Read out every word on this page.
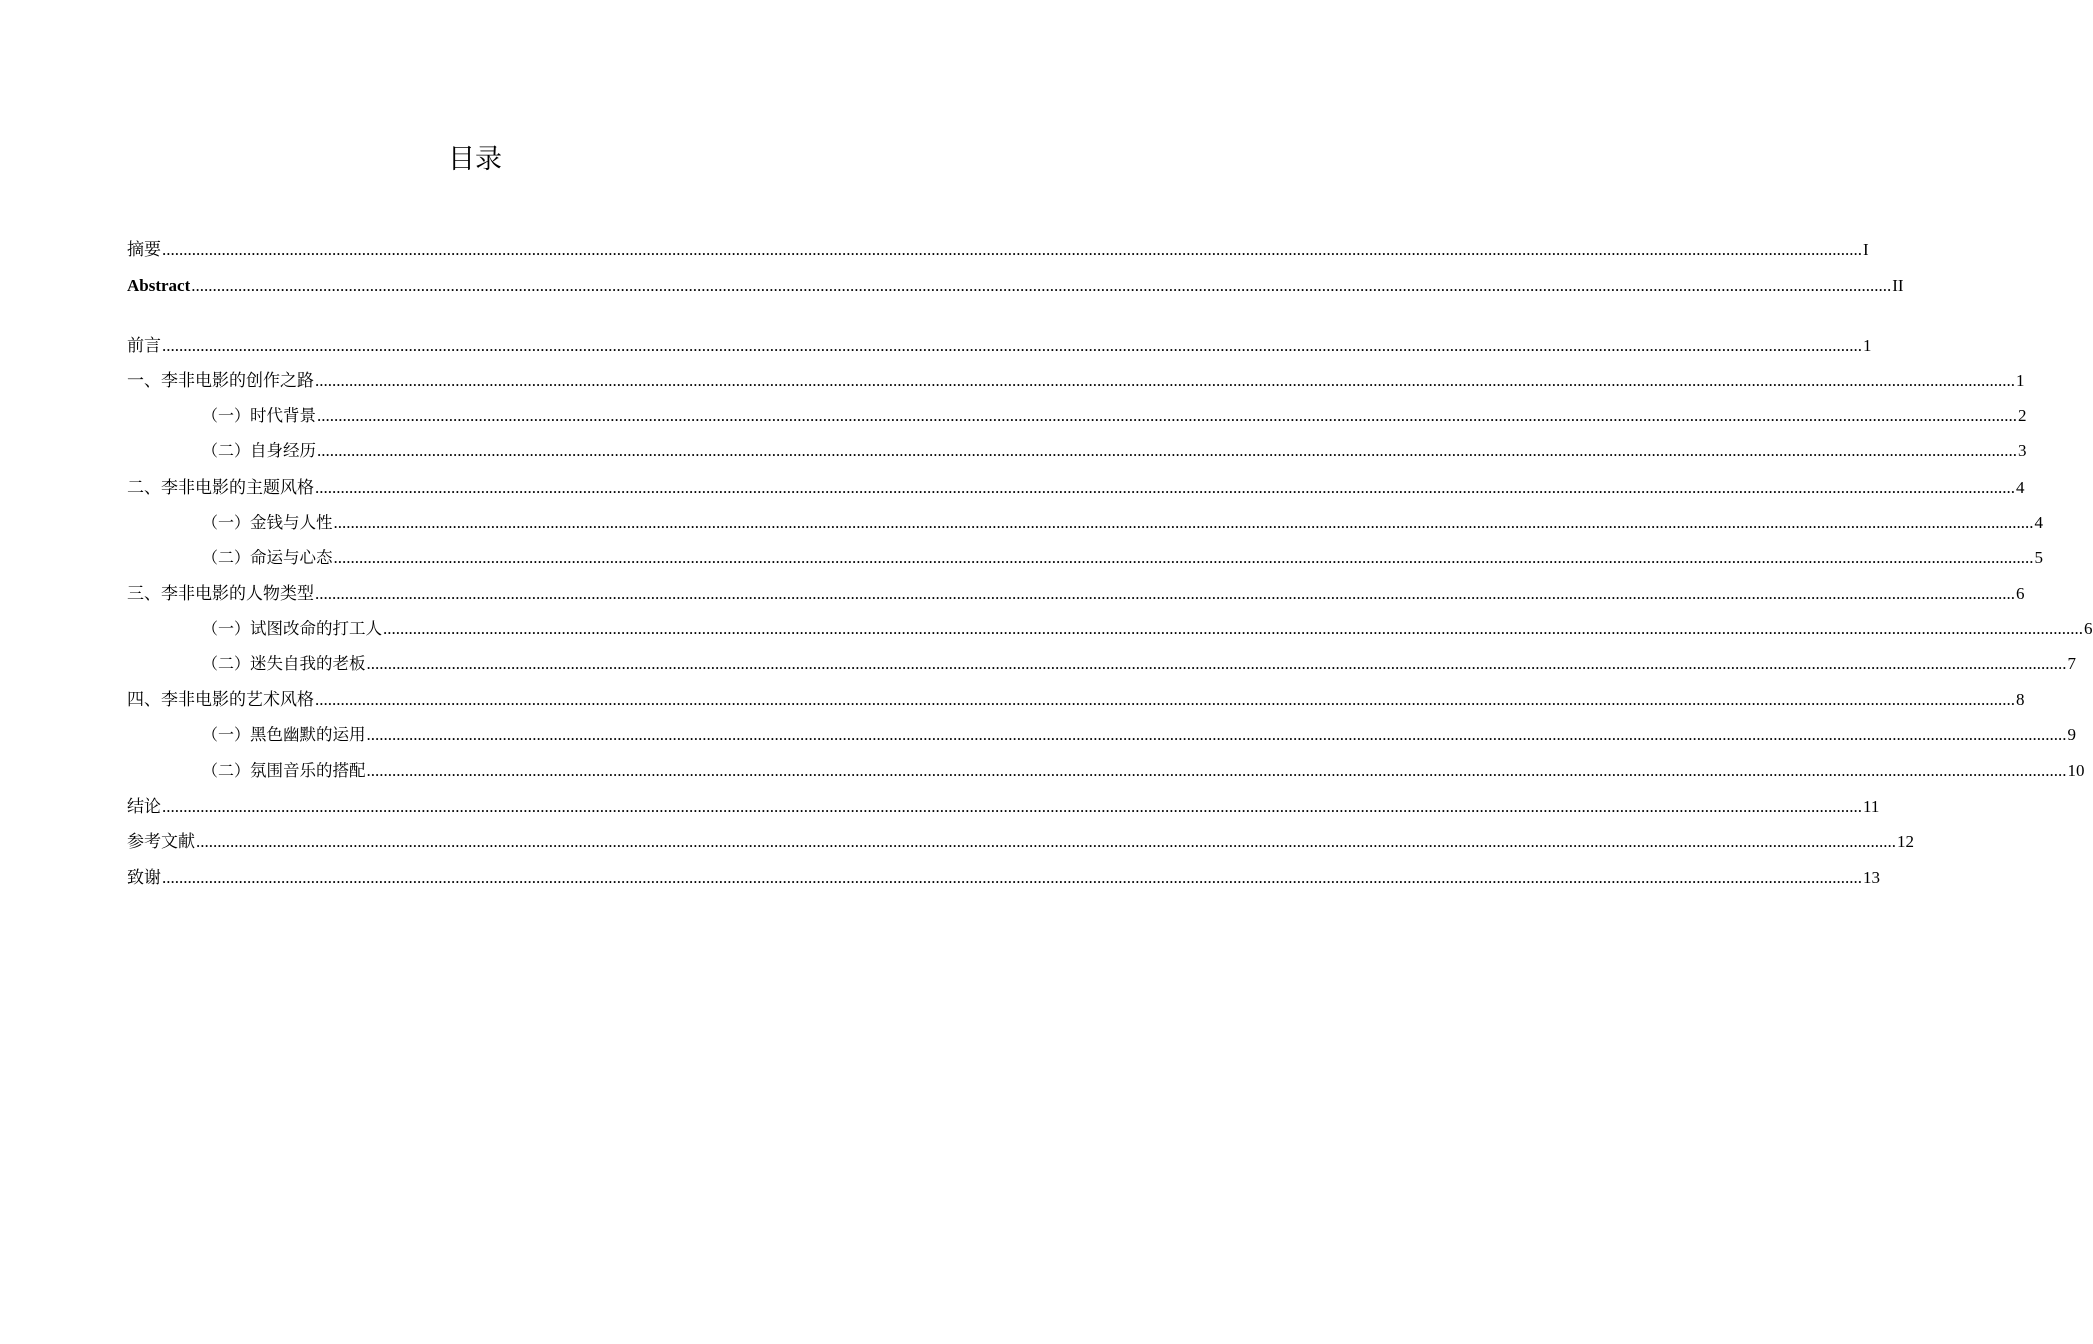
目录
摘要 ................................................................................................................................................................................................................................................................................................................................................................................................................ I
Abstract ................................................................................................................................................................................................................................................................................................................................................................................................................ II
前言 ................................................................................................................................................................................................................................................................................................................................................................................................................ 1
一、 李非电影的创作之路 ................................................................................................................................................................................................................................................................................................................................................................................................................ 1
（一） 时代背景 ................................................................................................................................................................................................................................................................................................................................................................................................................ 2
（二） 自身经历 ................................................................................................................................................................................................................................................................................................................................................................................................................ 3
二、 李非电影的主题风格 ................................................................................................................................................................................................................................................................................................................................................................................................................ 4
（一） 金钱与人性 ................................................................................................................................................................................................................................................................................................................................................................................................................ 4
（二） 命运与心态 ................................................................................................................................................................................................................................................................................................................................................................................................................ 5
三、 李非电影的人物类型 ................................................................................................................................................................................................................................................................................................................................................................................................................ 6
（一） 试图改命的打工人 ................................................................................................................................................................................................................................................................................................................................................................................................................ 6
（二） 迷失自我的老板 ................................................................................................................................................................................................................................................................................................................................................................................................................ 7
四、 李非电影的艺术风格 ................................................................................................................................................................................................................................................................................................................................................................................................................ 8
（一） 黑色幽默的运用 ................................................................................................................................................................................................................................................................................................................................................................................................................ 9
（二） 氛围音乐的搭配 ................................................................................................................................................................................................................................................................................................................................................................................................................ 10
结论 ................................................................................................................................................................................................................................................................................................................................................................................................................ 11
参考文献 ................................................................................................................................................................................................................................................................................................................................................................................................................ 12
致谢 ................................................................................................................................................................................................................................................................................................................................................................................................................ 13
